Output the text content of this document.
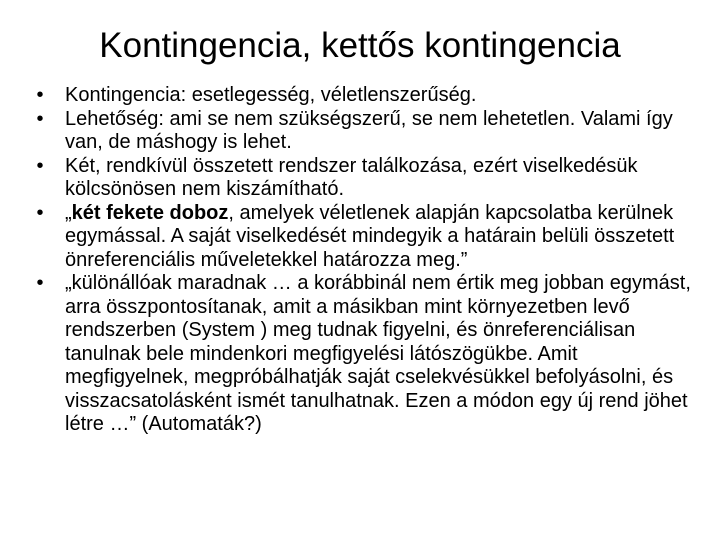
Kontingencia, kettős kontingencia
•	Kontingencia: esetlegesség, véletlenszerűség.
•	Lehetőség: ami se nem szükségszerű, se nem lehetetlen. Valami így van, de máshogy is lehet.
•	Két, rendkívül összetett rendszer találkozása, ezért viselkedésük kölcsönösen nem kiszámítható.
•	„két fekete doboz, amelyek véletlenek alapján kapcsolatba kerülnek egymással. A saját viselkedését mindegyik a határain belüli összetett önreferenciális műveletekkel határozza meg.”
•	„különállóak maradnak … a korábbinál nem értik meg jobban egymást, arra összpontosítanak, amit a másikban mint környezetben levő rendszerben (System ) meg tudnak figyelni, és önreferenciálisan tanulnak bele mindenkori megfigyelési látószögükbe. Amit megfigyelnek, megpróbálhatják saját cselekvésükkel befolyásolni, és visszacsatolásként ismét tanulhatnak. Ezen a módon egy új rend jöhet létre …” (Automaták?)
